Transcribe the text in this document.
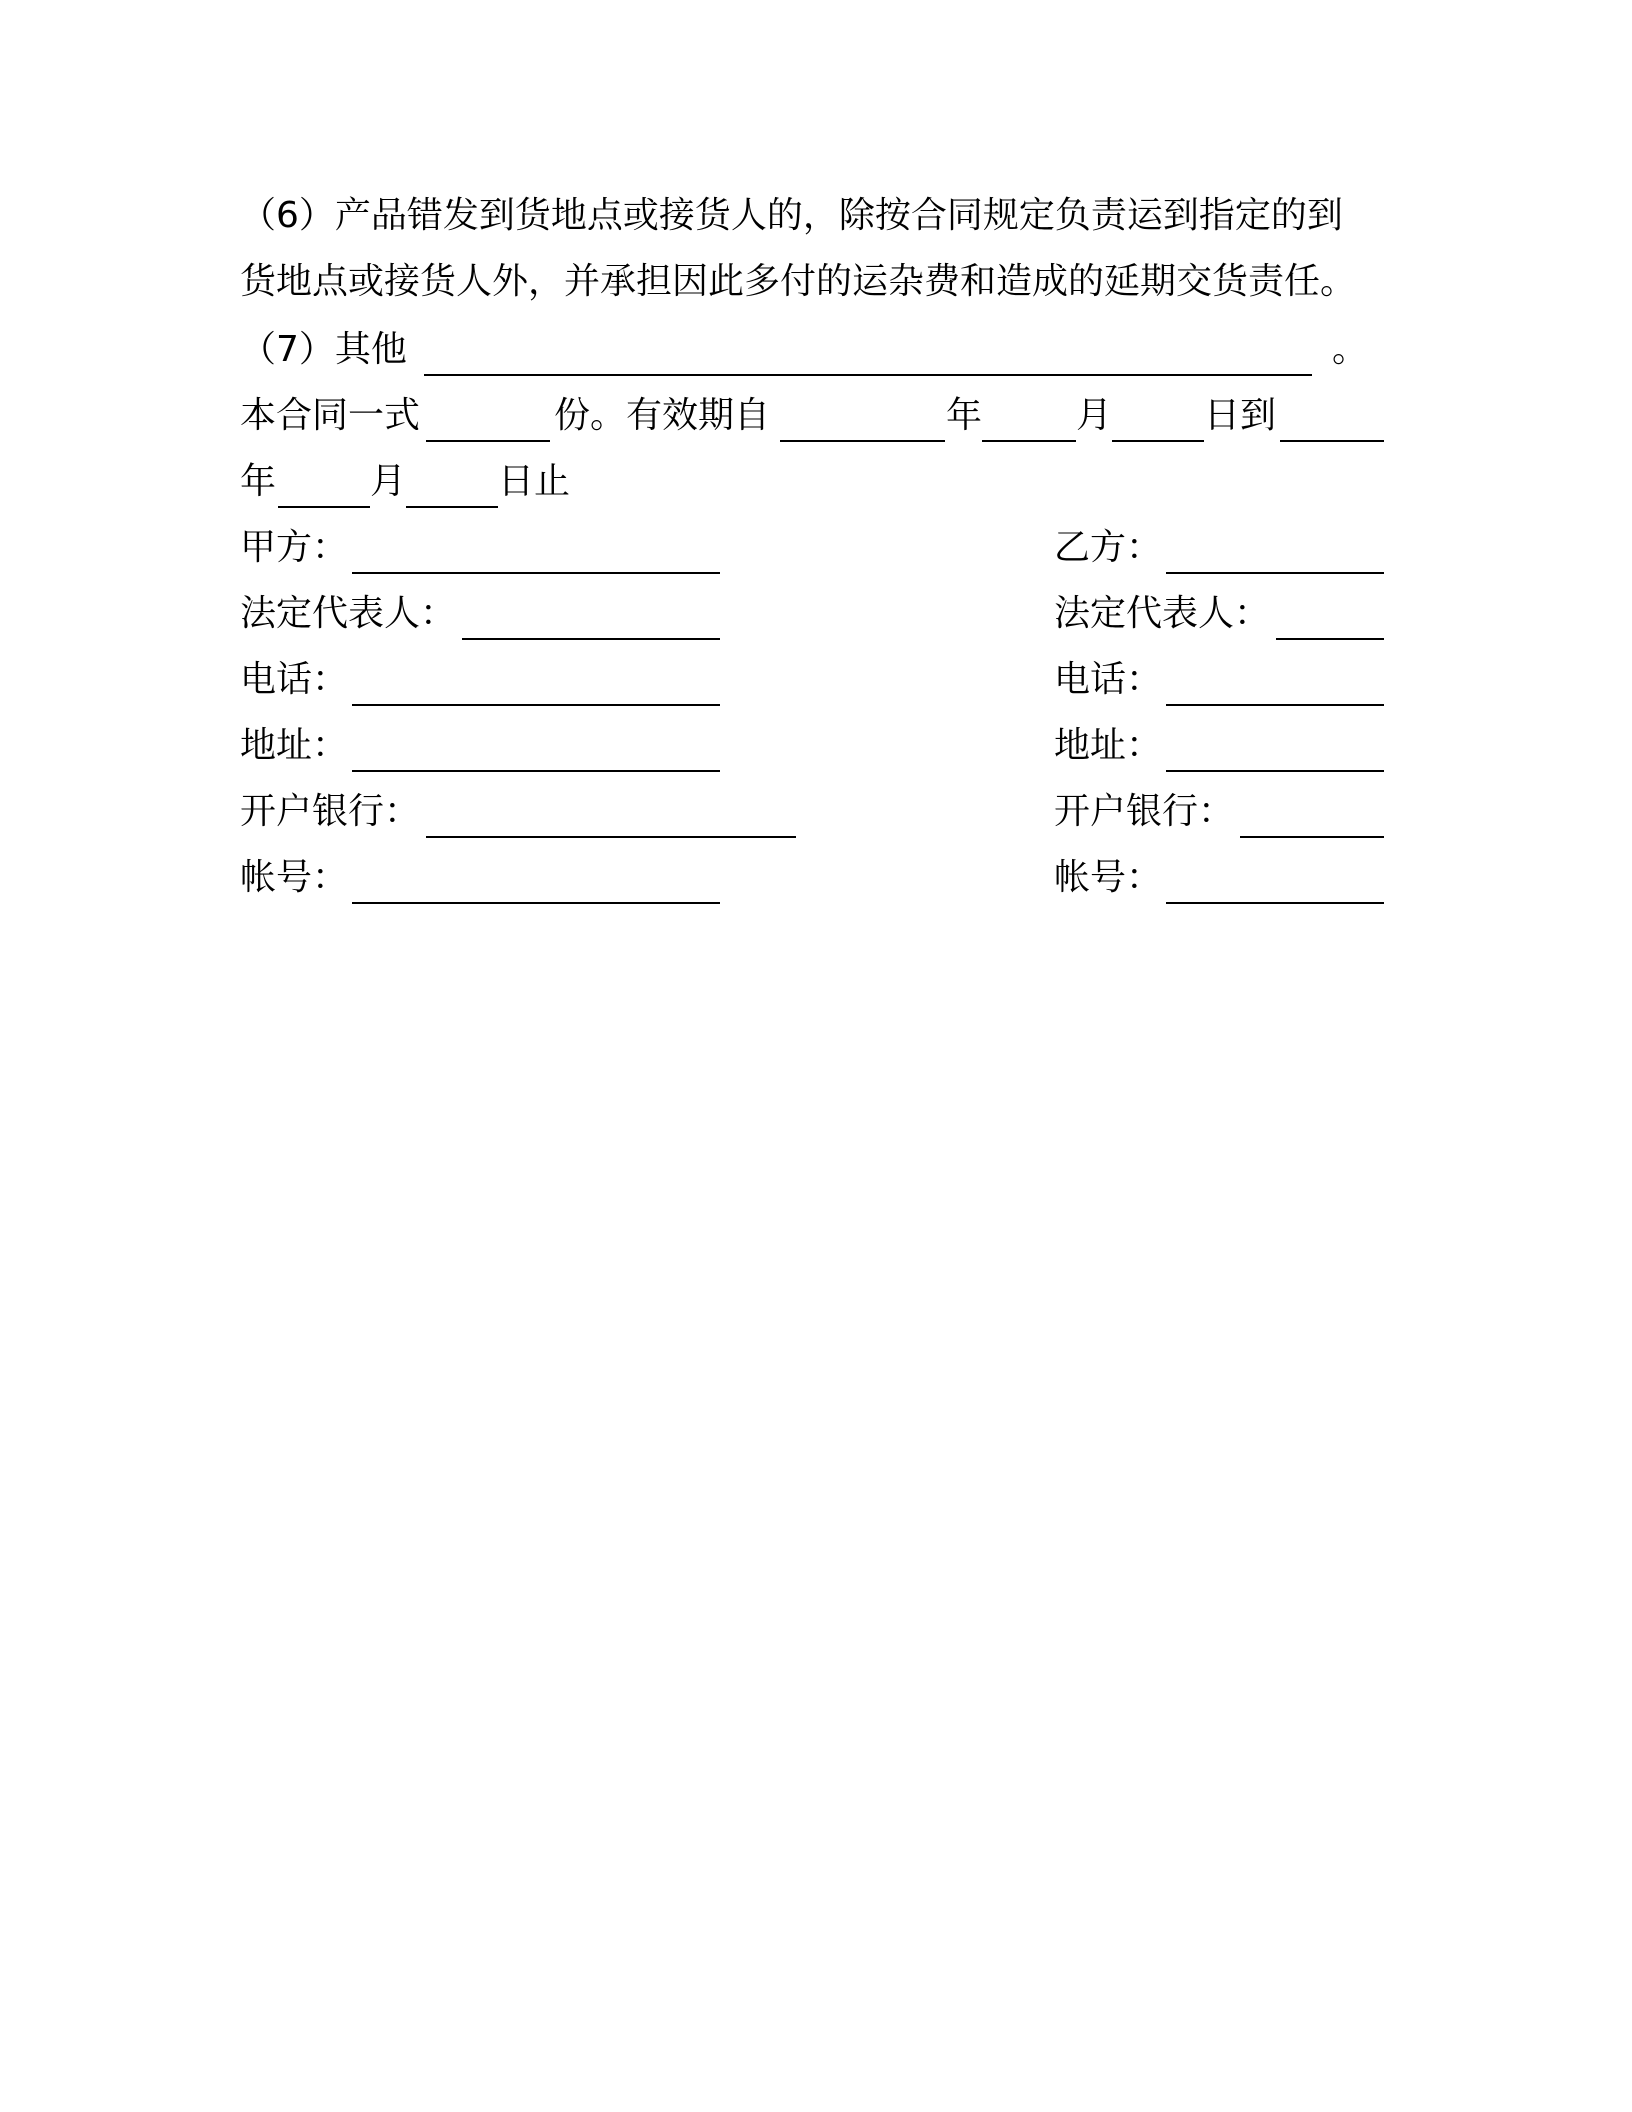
（6）产品错发到货地点或接货人的，除按合同规定负责运到指定的到
货地点或接货人外，并承担因此多付的运杂费和造成的延期交货责任。
（7）其他	。
本合同一式	份。有效期自	年	月	日到
年	月	日止
甲方：	乙方：
法定代表人：	法定代表人：
电话：	电话：
地址：	地址：
开户银行：	开户银行：
帐号：	帐号：
